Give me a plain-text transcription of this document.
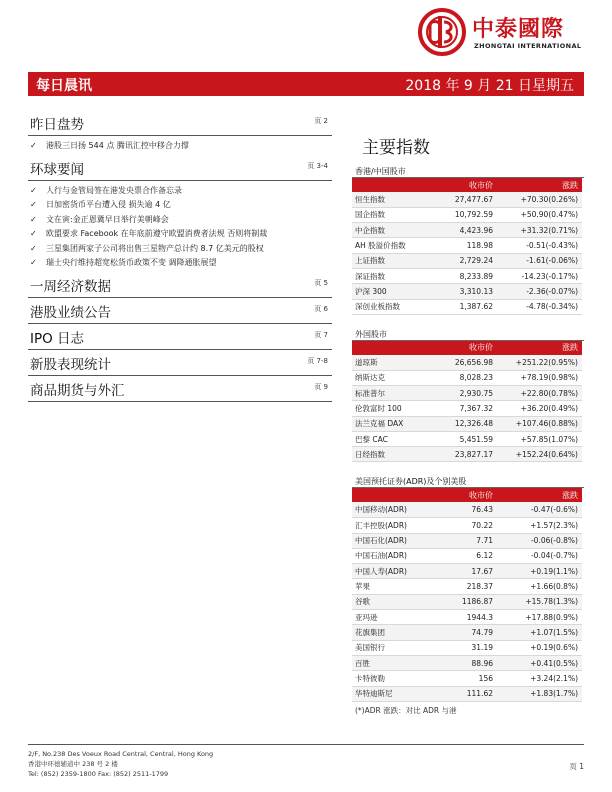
中泰國際
ZHONGTAI INTERNATIONAL
每日晨讯	2018 年 9 月 21 日星期五
昨日盘势	页 2
✓ 港股三日扬 544 点 腾讯汇控中移合力撑
环球要闻	页 3-4
✓ 人行与金管局签在港发央票合作备忘录
✓ 日加密货币平台遭入侵 损失逾 4 亿
✓ 文在寅:金正恩冀早日举行美朝峰会
✓ 欧盟要求 Facebook 在年底前遵守欧盟消费者法规 否则将制裁
✓ 三星集团两家子公司将出售三星物产总计约 8.7 亿美元的股权
✓ 瑞士央行维持超宽松货币政策不变 调降通胀展望
一周经济数据	页 5
港股业绩公告	页 6
IPO 日志	页 7
新股表现统计	页 7-8
商品期货与外汇	页 9
主要指数
香港/中国股市
	收市价	涨跌
恒生指数	27,477.67	+70.30(0.26%)
国企指数	10,792.59	+50.90(0.47%)
中企指数	4,423.96	+31.32(0.71%)
AH 股溢价指数	118.98	-0.51(-0.43%)
上证指数	2,729.24	-1.61(-0.06%)
深证指数	8,233.89	-14.23(-0.17%)
沪深 300	3,310.13	-2.36(-0.07%)
深创业板指数	1,387.62	-4.78(-0.34%)
外国股市
	收市价	涨跌
道琼斯	26,656.98	+251.22(0.95%)
纳斯达克	8,028.23	+78.19(0.98%)
标准普尔	2,930.75	+22.80(0.78%)
伦敦富时 100	7,367.32	+36.20(0.49%)
法兰克福 DAX	12,326.48	+107.46(0.88%)
巴黎 CAC	5,451.59	+57.85(1.07%)
日经指数	23,827.17	+152.24(0.64%)
美国预托证券(ADR)及个别美股
	收市价	涨跌
中国移动(ADR)	76.43	-0.47(-0.6%)
汇丰控股(ADR)	70.22	+1.57(2.3%)
中国石化(ADR)	7.71	-0.06(-0.8%)
中国石油(ADR)	6.12	-0.04(-0.7%)
中国人寿(ADR)	17.67	+0.19(1.1%)
苹果	218.37	+1.66(0.8%)
谷歌	1186.87	+15.78(1.3%)
亚玛逊	1944.3	+17.88(0.9%)
花旗集团	74.79	+1.07(1.5%)
美国银行	31.19	+0.19(0.6%)
百胜	88.96	+0.41(0.5%)
卡特彼勒	156	+3.24(2.1%)
华特迪斯尼	111.62	+1.83(1.7%)
(*)ADR 涨跌：对比 ADR 与港
2/F, No.238 Des Voeux Road Central, Central, Hong Kong
香港中环德辅道中 238 号 2 楼
Tel: (852) 2359-1800 Fax: (852) 2511-1799
页 1
